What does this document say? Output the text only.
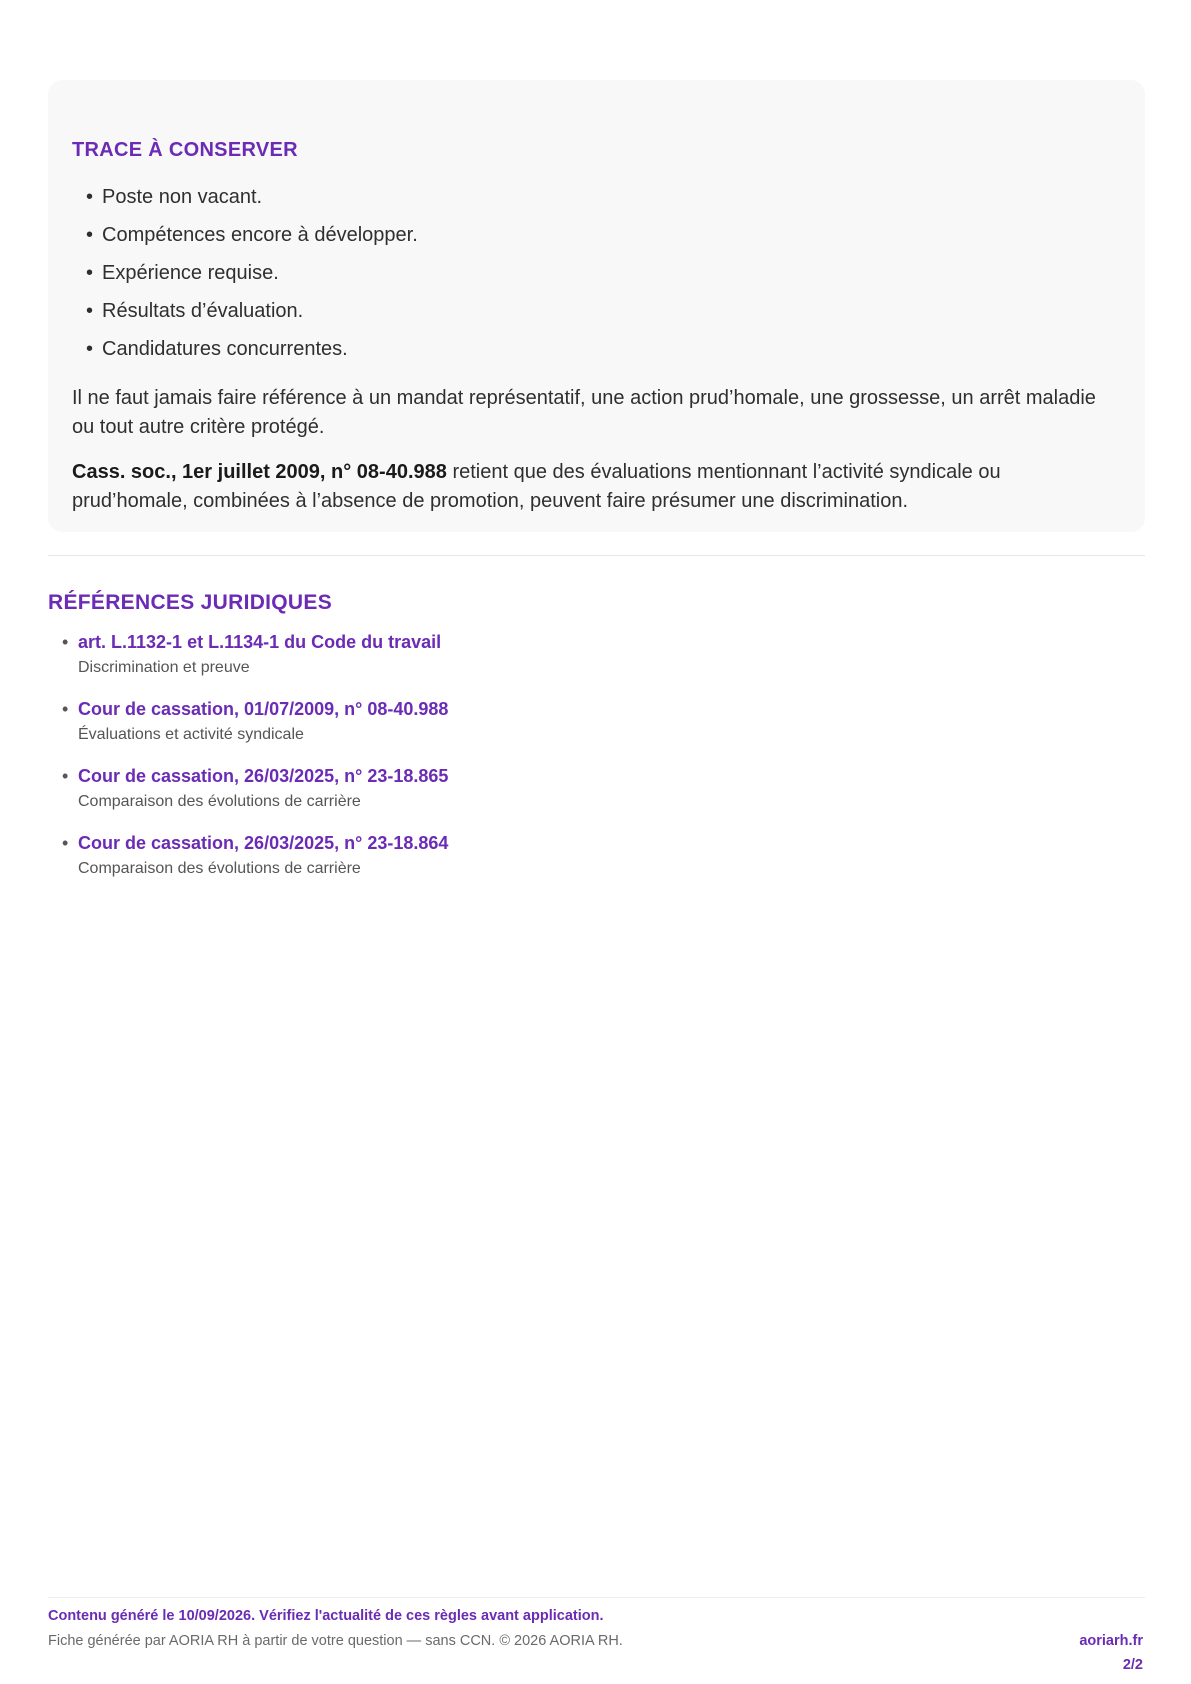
TRACE À CONSERVER
• Poste non vacant.
• Compétences encore à développer.
• Expérience requise.
• Résultats d’évaluation.
• Candidatures concurrentes.

Il ne faut jamais faire référence à un mandat représentatif, une action prud’homale, une grossesse, un arrêt maladie ou tout autre critère protégé.

Cass. soc., 1er juillet 2009, n° 08-40.988 retient que des évaluations mentionnant l’activité syndicale ou prud’homale, combinées à l’absence de promotion, peuvent faire présumer une discrimination.

RÉFÉRENCES JURIDIQUES
• art. L.1132-1 et L.1134-1 du Code du travail
Discrimination et preuve
• Cour de cassation, 01/07/2009, n° 08-40.988
Évaluations et activité syndicale
• Cour de cassation, 26/03/2025, n° 23-18.865
Comparaison des évolutions de carrière
• Cour de cassation, 26/03/2025, n° 23-18.864
Comparaison des évolutions de carrière
Contenu généré le 10/09/2026. Vérifiez l'actualité de ces règles avant application.
Fiche générée par AORIA RH à partir de votre question — sans CCN. © 2026 AORIA RH.	aoriarh.fr
2/2
